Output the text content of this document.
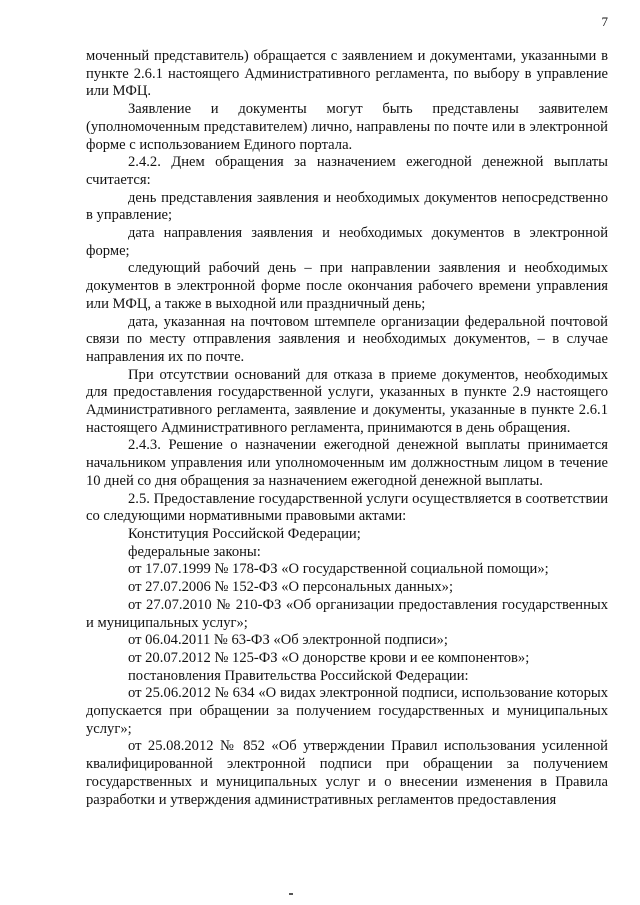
7

моченный представитель) обращается с заявлением и документами, указанными в пункте 2.6.1 настоящего Административного регламента, по выбору в управление или МФЦ.

Заявление и документы могут быть представлены заявителем (уполномоченным представителем) лично, направлены по почте или в электронной форме с использованием Единого портала.

2.4.2. Днем обращения за назначением ежегодной денежной выплаты считается:

день представления заявления и необходимых документов непосредственно в управление;

дата направления заявления и необходимых документов в электронной форме;

следующий рабочий день – при направлении заявления и необходимых документов в электронной форме после окончания рабочего времени управления или МФЦ, а также в выходной или праздничный день;

дата, указанная на почтовом штемпеле организации федеральной почтовой связи по месту отправления заявления и необходимых документов, – в случае направления их по почте.

При отсутствии оснований для отказа в приеме документов, необходимых для предоставления государственной услуги, указанных в пункте 2.9 настоящего Административного регламента, заявление и документы, указанные в пункте 2.6.1 настоящего Административного регламента, принимаются в день обращения.

2.4.3. Решение о назначении ежегодной денежной выплаты принимается начальником управления или уполномоченным им должностным лицом в течение 10 дней со дня обращения за назначением ежегодной денежной выплаты.

2.5. Предоставление государственной услуги осуществляется в соответствии со следующими нормативными правовыми актами:

Конституция Российской Федерации;

федеральные законы:

от 17.07.1999 № 178-ФЗ «О государственной социальной помощи»;

от 27.07.2006 № 152-ФЗ «О персональных данных»;

от 27.07.2010 № 210-ФЗ «Об организации предоставления государственных и муниципальных услуг»;

от 06.04.2011 № 63-ФЗ «Об электронной подписи»;

от 20.07.2012 № 125-ФЗ «О донорстве крови и ее компонентов»;

постановления Правительства Российской Федерации:

от 25.06.2012 № 634 «О видах электронной подписи, использование которых допускается при обращении за получением государственных и муниципальных услуг»;

от 25.08.2012 № 852 «Об утверждении Правил использования усиленной квалифицированной электронной подписи при обращении за получением государственных и муниципальных услуг и о внесении изменения в Правила разработки и утверждения административных регламентов предоставления
